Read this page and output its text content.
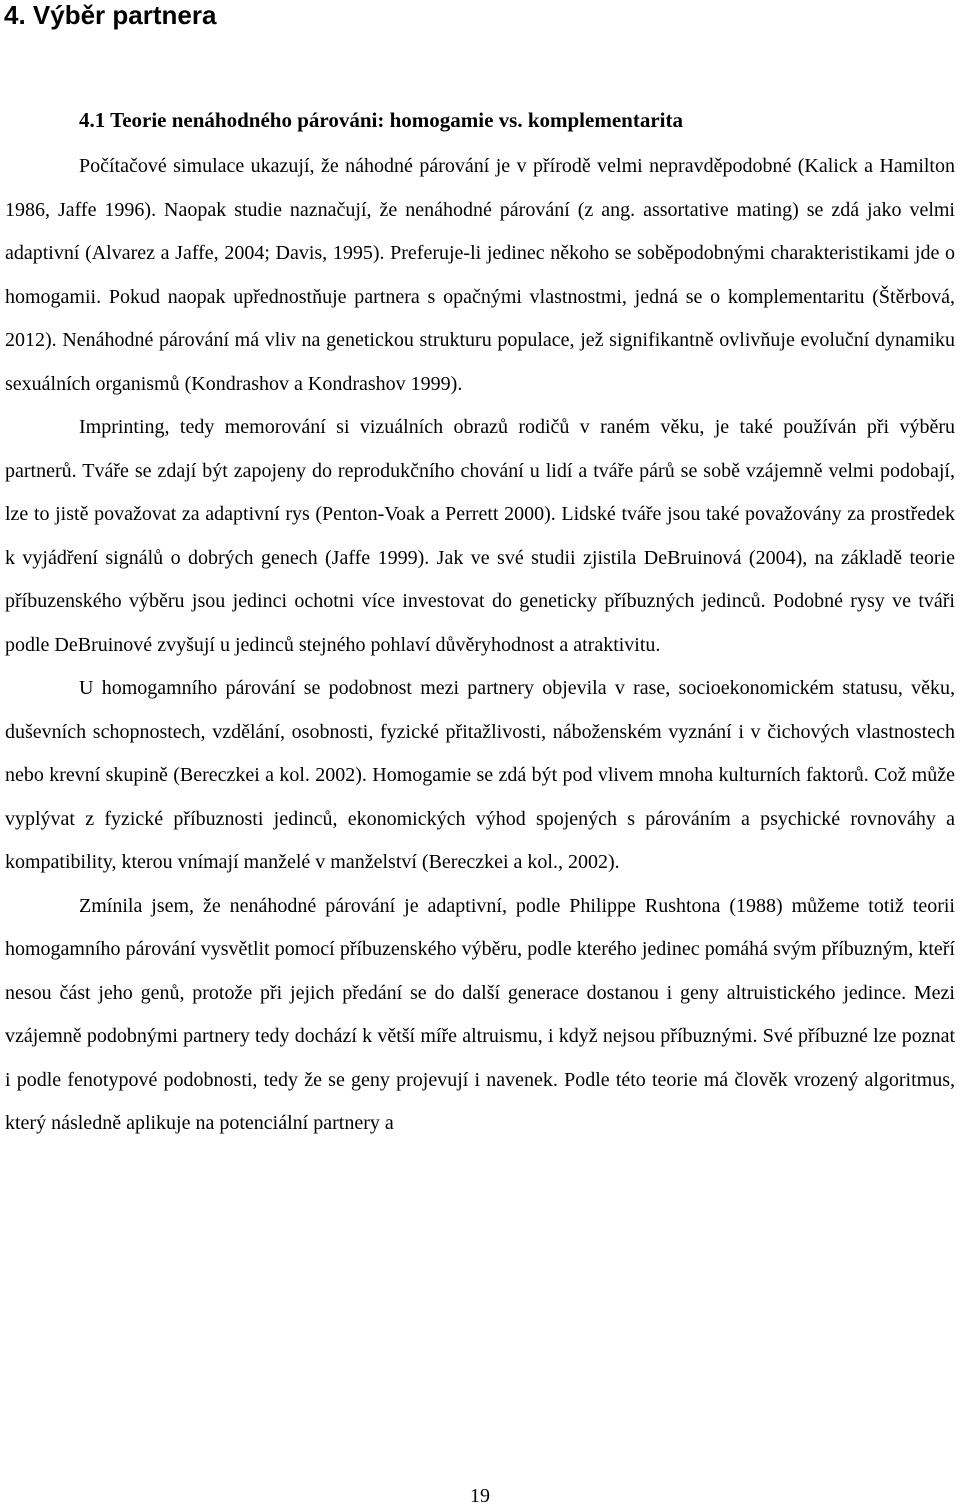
4. Výběr partnera
4.1 Teorie nenáhodného párováni: homogamie vs. komplementarita

Počítačové simulace ukazují, že náhodné párování je v přírodě velmi nepravděpodobné (Kalick a Hamilton 1986, Jaffe 1996). Naopak studie naznačují, že nenáhodné párování (z ang. assortative mating) se zdá jako velmi adaptivní (Alvarez a Jaffe, 2004; Davis, 1995). Preferuje-li jedinec někoho se soběpodobnými charakteristikami jde o homogamii. Pokud naopak upřednostňuje partnera s opačnými vlastnostmi, jedná se o komplementaritu (Štěrbová, 2012). Nenáhodné párování má vliv na genetickou strukturu populace, jež signifikantně ovlivňuje evoluční dynamiku sexuálních organismů (Kondrashov a Kondrashov 1999).

Imprinting, tedy memorování si vizuálních obrazů rodičů v raném věku, je také používán při výběru partnerů. Tváře se zdají být zapojeny do reprodukčního chování u lidí a tváře párů se sobě vzájemně velmi podobají, lze to jistě považovat za adaptivní rys (Penton-Voak a Perrett 2000). Lidské tváře jsou také považovány za prostředek k vyjádření signálů o dobrých genech (Jaffe 1999). Jak ve své studii zjistila DeBruinová (2004), na základě teorie příbuzenského výběru jsou jedinci ochotni více investovat do geneticky příbuzných jedinců. Podobné rysy ve tváři podle DeBruinové zvyšují u jedinců stejného pohlaví důvěryhodnost a atraktivitu.

U homogamního párování se podobnost mezi partnery objevila v rase, socioekonomickém statusu, věku, duševních schopnostech, vzdělání, osobnosti, fyzické přitažlivosti, náboženském vyznání i v čichových vlastnostech nebo krevní skupině (Bereczkei a kol. 2002). Homogamie se zdá být pod vlivem mnoha kulturních faktorů. Což může vyplývat z fyzické příbuznosti jedinců, ekonomických výhod spojených s párováním a psychické rovnováhy a kompatibility, kterou vnímají manželé v manželství (Bereczkei a kol., 2002).

Zmínila jsem, že nenáhodné párování je adaptivní, podle Philippe Rushtona (1988) můžeme totiž teorii homogamního párování vysvětlit pomocí příbuzenského výběru, podle kterého jedinec pomáhá svým příbuzným, kteří nesou část jeho genů, protože při jejich předání se do další generace dostanou i geny altruistického jedince. Mezi vzájemně podobnými partnery tedy dochází k větší míře altruismu, i když nejsou příbuznými. Své příbuzné lze poznat i podle fenotypové podobnosti, tedy že se geny projevují i navenek. Podle této teorie má člověk vrozený algoritmus, který následně aplikuje na potenciální partnery a

19
